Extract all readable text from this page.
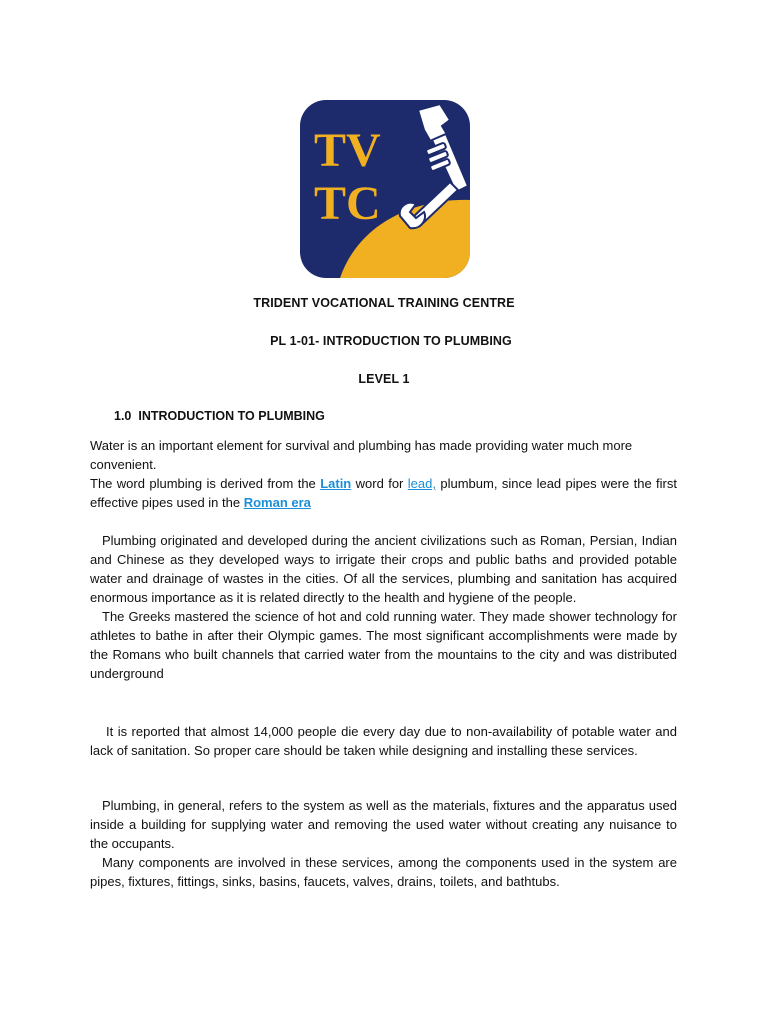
TV
TC
TRIDENT VOCATIONAL TRAINING CENTRE
PL 1-01- INTRODUCTION TO PLUMBING
LEVEL 1
1.0 INTRODUCTION TO PLUMBING

Water is an important element for survival and plumbing has made providing water much more convenient.

The word plumbing is derived from the Latin word for lead, plumbum, since lead pipes were the first effective pipes used in the Roman era

Plumbing originated and developed during the ancient civilizations such as Roman, Persian, Indian and Chinese as they developed ways to irrigate their crops and public baths and provided potable water and drainage of wastes in the cities. Of all the services, plumbing and sanitation has acquired enormous importance as it is related directly to the health and hygiene of the people.

The Greeks mastered the science of hot and cold running water. They made shower technology for athletes to bathe in after their Olympic games. The most significant accomplishments were made by the Romans who built channels that carried water from the mountains to the city and was distributed underground

It is reported that almost 14,000 people die every day due to non-availability of potable water and lack of sanitation. So proper care should be taken while designing and installing these services.

Plumbing, in general, refers to the system as well as the materials, fixtures and the apparatus used inside a building for supplying water and removing the used water without creating any nuisance to the occupants.

Many components are involved in these services, among the components used in the system are pipes, fixtures, fittings, sinks, basins, faucets, valves, drains, toilets, and bathtubs.
